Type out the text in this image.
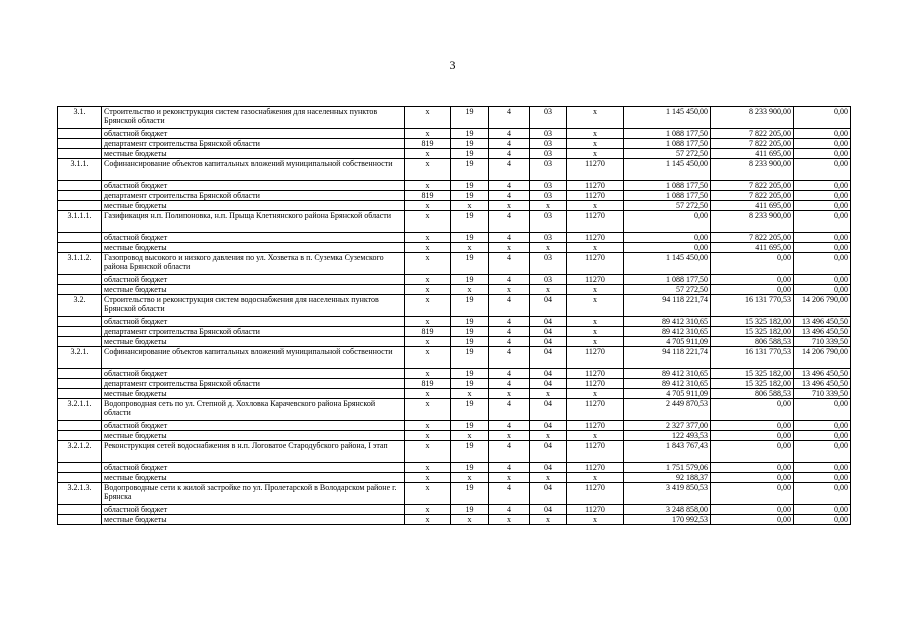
3
3.1.	Строительство и реконструкция систем газоснабжения для населенных пунктов Брянской области	x	19	4	03	x	1 145 450,00	8 233 900,00	0,00
	областной бюджет	x	19	4	03	x	1 088 177,50	7 822 205,00	0,00
	департамент строительства Брянской области	819	19	4	03	x	1 088 177,50	7 822 205,00	0,00
	местные бюджеты	x	19	4	03	x	57 272,50	411 695,00	0,00
3.1.1.	Софинансирование объектов капитальных вложений муниципальной собственности	x	19	4	03	11270	1 145 450,00	8 233 900,00	0,00
	областной бюджет	x	19	4	03	11270	1 088 177,50	7 822 205,00	0,00
	департамент строительства Брянской области	819	19	4	03	11270	1 088 177,50	7 822 205,00	0,00
	местные бюджеты	x	x	x	x	x	57 272,50	411 695,00	0,00
3.1.1.1.	Газификация н.п. Полипоновка, н.п. Прыща Клетнянского района Брянской области	x	19	4	03	11270	0,00	8 233 900,00	0,00
	областной бюджет	x	19	4	03	11270	0,00	7 822 205,00	0,00
	местные бюджеты	x	x	x	x	x	0,00	411 695,00	0,00
3.1.1.2.	Газопровод высокого и низкого давления по ул. Хозветка в п. Суземка Суземского района Брянской области	x	19	4	03	11270	1 145 450,00	0,00	0,00
	областной бюджет	x	19	4	03	11270	1 088 177,50	0,00	0,00
	местные бюджеты	x	x	x	x	x	57 272,50	0,00	0,00
3.2.	Строительство и реконструкция систем водоснабжения для населенных пунктов Брянской области	x	19	4	04	x	94 118 221,74	16 131 770,53	14 206 790,00
	областной бюджет	x	19	4	04	x	89 412 310,65	15 325 182,00	13 496 450,50
	департамент строительства Брянской области	819	19	4	04	x	89 412 310,65	15 325 182,00	13 496 450,50
	местные бюджеты	x	19	4	04	x	4 705 911,09	806 588,53	710 339,50
3.2.1.	Софинансирование объектов капитальных вложений муниципальной собственности	x	19	4	04	11270	94 118 221,74	16 131 770,53	14 206 790,00
	областной бюджет	x	19	4	04	11270	89 412 310,65	15 325 182,00	13 496 450,50
	департамент строительства Брянской области	819	19	4	04	11270	89 412 310,65	15 325 182,00	13 496 450,50
	местные бюджеты	x	x	x	x	x	4 705 911,09	806 588,53	710 339,50
3.2.1.1.	Водопроводная сеть по ул. Степной д. Хохловка Карачевского района Брянской области	x	19	4	04	11270	2 449 870,53	0,00	0,00
	областной бюджет	x	19	4	04	11270	2 327 377,00	0,00	0,00
	местные бюджеты	x	x	x	x	x	122 493,53	0,00	0,00
3.2.1.2.	Реконструкция сетей водоснабжения в н.п. Логоватое Стародубского района, I этап	x	19	4	04	11270	1 843 767,43	0,00	0,00
	областной бюджет	x	19	4	04	11270	1 751 579,06	0,00	0,00
	местные бюджеты	x	x	x	x	x	92 188,37	0,00	0,00
3.2.1.3.	Водопроводные сети к жилой застройке по ул. Пролетарской в Володарском районе г. Брянска	x	19	4	04	11270	3 419 850,53	0,00	0,00
	областной бюджет	x	19	4	04	11270	3 248 858,00	0,00	0,00
	местные бюджеты	x	x	x	x	x	170 992,53	0,00	0,00
